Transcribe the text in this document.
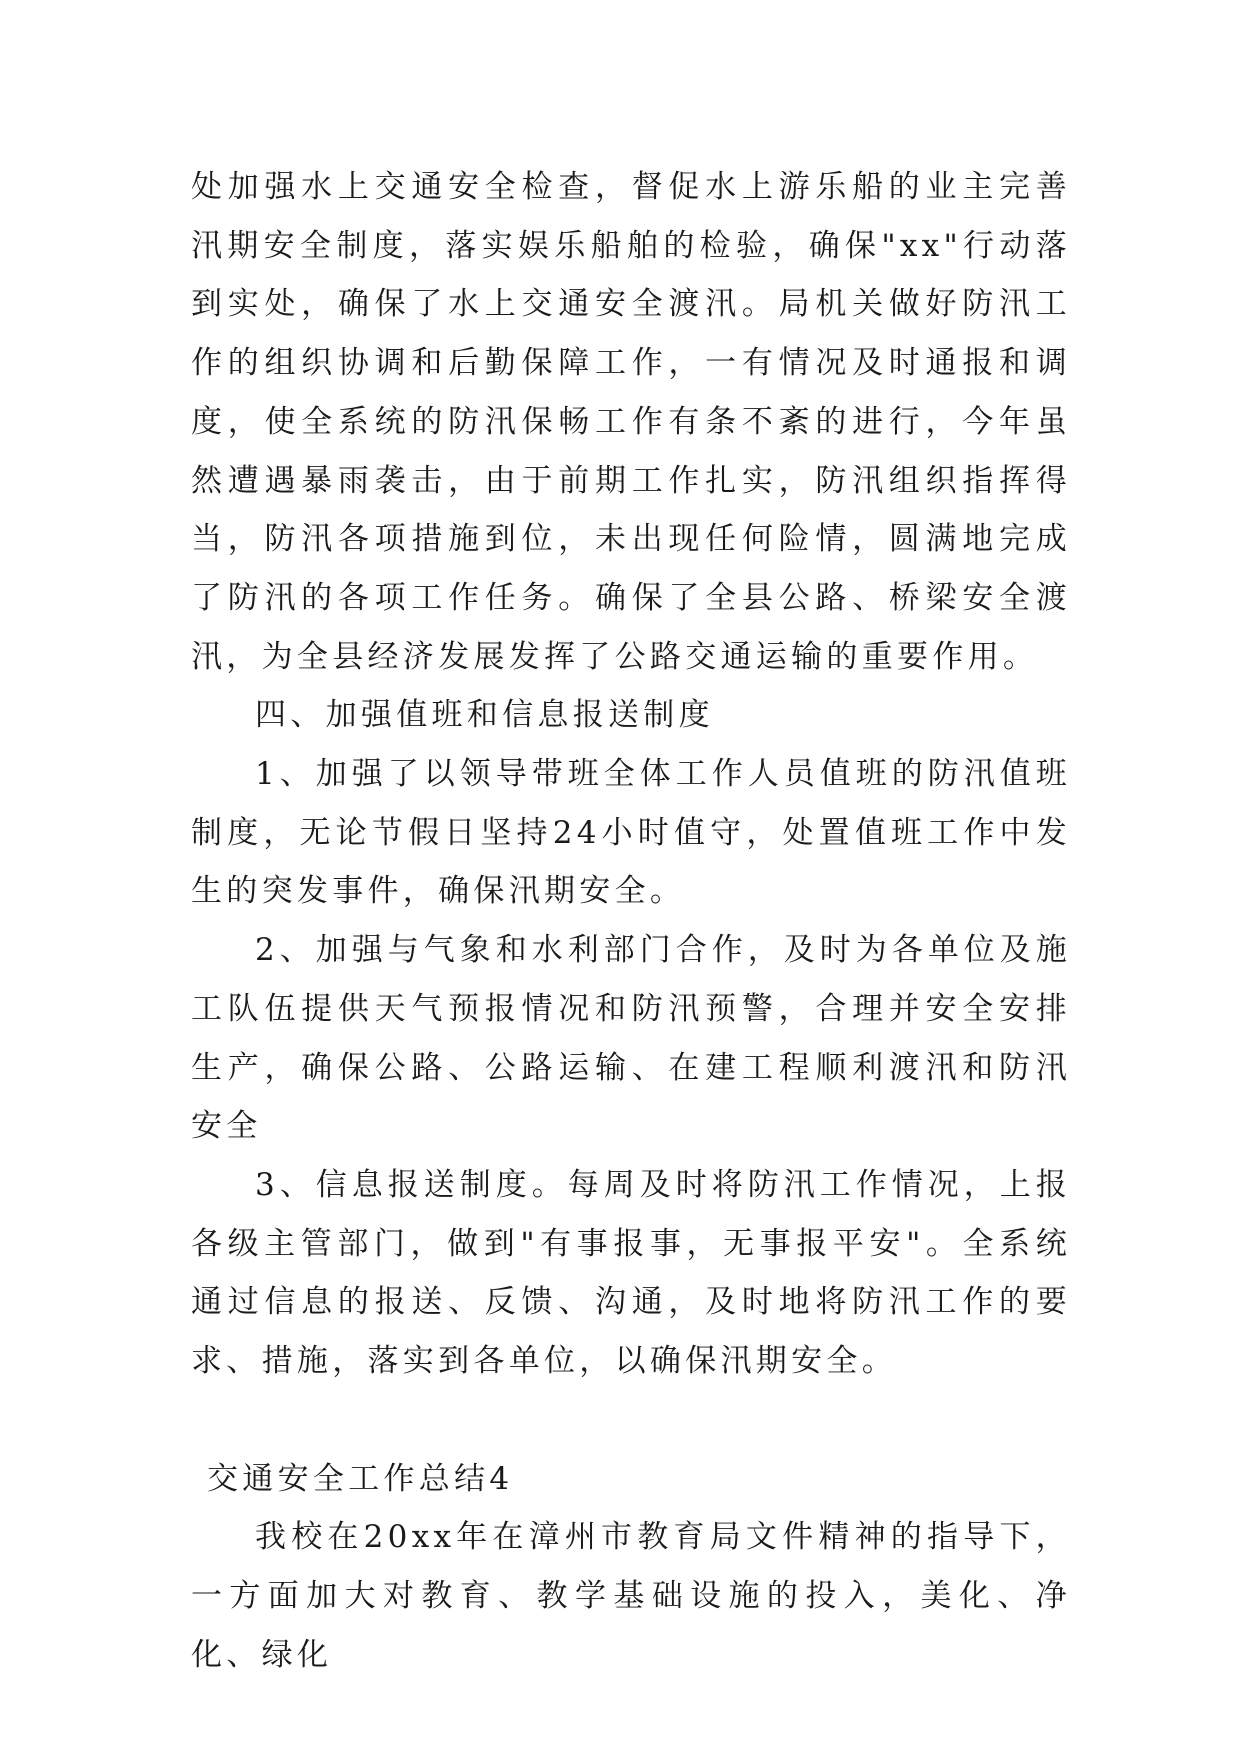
处加强水上交通安全检查，督促水上游乐船的业主完善汛期安全制度，落实娱乐船舶的检验，确保"xx"行动落到实处，确保了水上交通安全渡汛。局机关做好防汛工作的组织协调和后勤保障工作，一有情况及时通报和调度，使全系统的防汛保畅工作有条不紊的进行，今年虽然遭遇暴雨袭击，由于前期工作扎实，防汛组织指挥得当，防汛各项措施到位，未出现任何险情，圆满地完成了防汛的各项工作任务。确保了全县公路、桥梁安全渡汛，为全县经济发展发挥了公路交通运输的重要作用。

四、加强值班和信息报送制度

1、加强了以领导带班全体工作人员值班的防汛值班制度，无论节假日坚持24小时值守，处置值班工作中发生的突发事件，确保汛期安全。

2、加强与气象和水利部门合作，及时为各单位及施工队伍提供天气预报情况和防汛预警，合理并安全安排生产，确保公路、公路运输、在建工程顺利渡汛和防汛安全

3、信息报送制度。每周及时将防汛工作情况，上报各级主管部门，做到"有事报事，无事报平安"。全系统通过信息的报送、反馈、沟通，及时地将防汛工作的要求、措施，落实到各单位，以确保汛期安全。

交通安全工作总结4

我校在20xx年在漳州市教育局文件精神的指导下，一方面加大对教育、教学基础设施的投入，美化、净化、绿化
